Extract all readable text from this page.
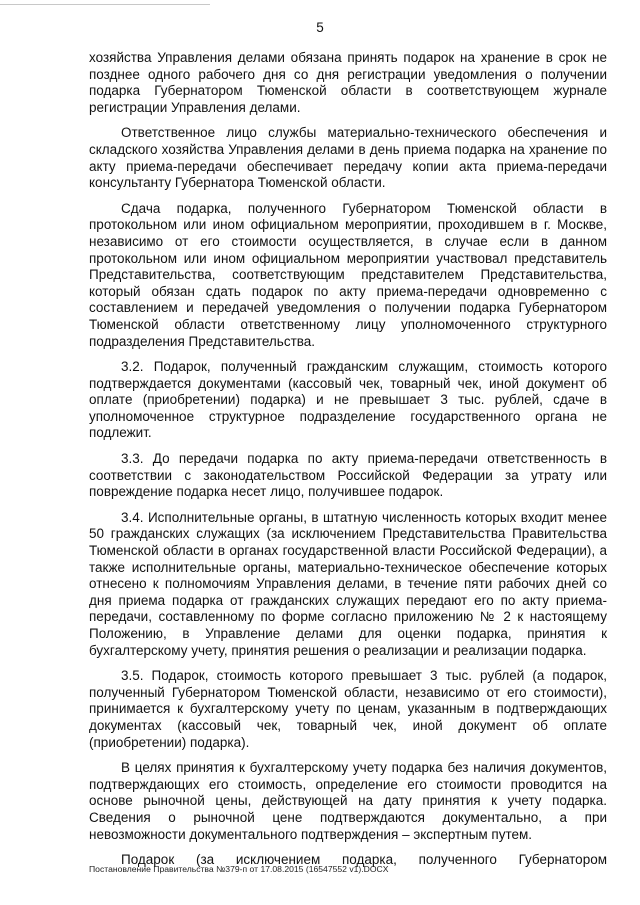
5

хозяйства Управления делами обязана принять подарок на хранение в срок не позднее одного рабочего дня со дня регистрации уведомления о получении подарка Губернатором Тюменской области в соответствующем журнале регистрации Управления делами.

Ответственное лицо службы материально-технического обеспечения и складского хозяйства Управления делами в день приема подарка на хранение по акту приема-передачи обеспечивает передачу копии акта приема-передачи консультанту Губернатора Тюменской области.

Сдача подарка, полученного Губернатором Тюменской области в протокольном или ином официальном мероприятии, проходившем в г. Москве, независимо от его стоимости осуществляется, в случае если в данном протокольном или ином официальном мероприятии участвовал представитель Представительства, соответствующим представителем Представительства, который обязан сдать подарок по акту приема-передачи одновременно с составлением и передачей уведомления о получении подарка Губернатором Тюменской области ответственному лицу уполномоченного структурного подразделения Представительства.

3.2. Подарок, полученный гражданским служащим, стоимость которого подтверждается документами (кассовый чек, товарный чек, иной документ об оплате (приобретении) подарка) и не превышает 3 тыс. рублей, сдаче в уполномоченное структурное подразделение государственного органа не подлежит.

3.3. До передачи подарка по акту приема-передачи ответственность в соответствии с законодательством Российской Федерации за утрату или повреждение подарка несет лицо, получившее подарок.

3.4. Исполнительные органы, в штатную численность которых входит менее 50 гражданских служащих (за исключением Представительства Правительства Тюменской области в органах государственной власти Российской Федерации), а также исполнительные органы, материально-техническое обеспечение которых отнесено к полномочиям Управления делами, в течение пяти рабочих дней со дня приема подарка от гражданских служащих передают его по акту приема-передачи, составленному по форме согласно приложению № 2 к настоящему Положению, в Управление делами для оценки подарка, принятия к бухгалтерскому учету, принятия решения о реализации и реализации подарка.

3.5. Подарок, стоимость которого превышает 3 тыс. рублей (а подарок, полученный Губернатором Тюменской области, независимо от его стоимости), принимается к бухгалтерскому учету по ценам, указанным в подтверждающих документах (кассовый чек, товарный чек, иной документ об оплате (приобретении) подарка).

В целях принятия к бухгалтерскому учету подарка без наличия документов, подтверждающих его стоимость, определение его стоимости проводится на основе рыночной цены, действующей на дату принятия к учету подарка. Сведения о рыночной цене подтверждаются документально, а при невозможности документального подтверждения – экспертным путем.

Подарок (за исключением подарка, полученного Губернатором

Постановление Правительства №379-п от 17.08.2015 (16547552 v1).DOCX
